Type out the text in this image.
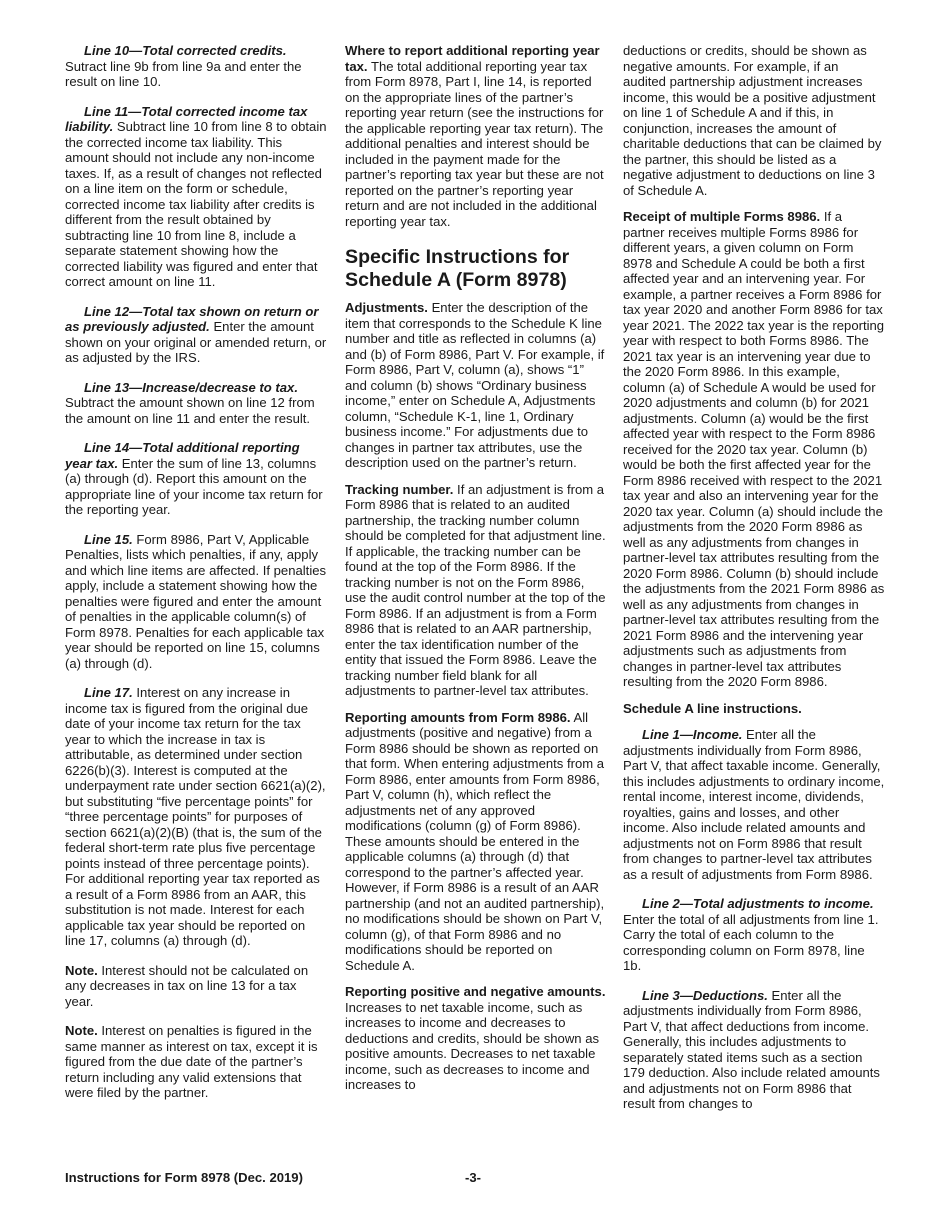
Line 10—Total corrected credits. Sutract line 9b from line 9a and enter the result on line 10.

Line 11—Total corrected income tax liability. Subtract line 10 from line 8 to obtain the corrected income tax liability. This amount should not include any non-income taxes. If, as a result of changes not reflected on a line item on the form or schedule, corrected income tax liability after credits is different from the result obtained by subtracting line 10 from line 8, include a separate statement showing how the corrected liability was figured and enter that correct amount on line 11.

Line 12—Total tax shown on return or as previously adjusted. Enter the amount shown on your original or amended return, or as adjusted by the IRS.

Line 13—Increase/decrease to tax. Subtract the amount shown on line 12 from the amount on line 11 and enter the result.

Line 14—Total additional reporting year tax. Enter the sum of line 13, columns (a) through (d). Report this amount on the appropriate line of your income tax return for the reporting year.

Line 15. Form 8986, Part V, Applicable Penalties, lists which penalties, if any, apply and which line items are affected. If penalties apply, include a statement showing how the penalties were figured and enter the amount of penalties in the applicable column(s) of Form 8978. Penalties for each applicable tax year should be reported on line 15, columns (a) through (d).

Line 17. Interest on any increase in income tax is figured from the original due date of your income tax return for the tax year to which the increase in tax is attributable, as determined under section 6226(b)(3). Interest is computed at the underpayment rate under section 6621(a)(2), but substituting “five percentage points” for “three percentage points” for purposes of section 6621(a)(2)(B) (that is, the sum of the federal short-term rate plus five percentage points instead of three percentage points). For additional reporting year tax reported as a result of a Form 8986 from an AAR, this substitution is not made. Interest for each applicable tax year should be reported on line 17, columns (a) through (d).

Note. Interest should not be calculated on any decreases in tax on line 13 for a tax year.

Note. Interest on penalties is figured in the same manner as interest on tax, except it is figured from the due date of the partner’s return including any valid extensions that were filed by the partner.

Where to report additional reporting year tax. The total additional reporting year tax from Form 8978, Part I, line 14, is reported on the appropriate lines of the partner’s reporting year return (see the instructions for the applicable reporting year tax return). The additional penalties and interest should be included in the payment made for the partner’s reporting tax year but these are not reported on the partner’s reporting year return and are not included in the additional reporting year tax.

Specific Instructions for Schedule A (Form 8978)

Adjustments. Enter the description of the item that corresponds to the Schedule K line number and title as reflected in columns (a) and (b) of Form 8986, Part V. For example, if Form 8986, Part V, column (a), shows “1” and column (b) shows “Ordinary business income,” enter on Schedule A, Adjustments column, “Schedule K-1, line 1, Ordinary business income.” For adjustments due to changes in partner tax attributes, use the description used on the partner’s return.

Tracking number. If an adjustment is from a Form 8986 that is related to an audited partnership, the tracking number column should be completed for that adjustment line. If applicable, the tracking number can be found at the top of the Form 8986. If the tracking number is not on the Form 8986, use the audit control number at the top of the Form 8986. If an adjustment is from a Form 8986 that is related to an AAR partnership, enter the tax identification number of the entity that issued the Form 8986. Leave the tracking number field blank for all adjustments to partner-level tax attributes.

Reporting amounts from Form 8986. All adjustments (positive and negative) from a Form 8986 should be shown as reported on that form. When entering adjustments from a Form 8986, enter amounts from Form 8986, Part V, column (h), which reflect the adjustments net of any approved modifications (column (g) of Form 8986). These amounts should be entered in the applicable columns (a) through (d) that correspond to the partner’s affected year. However, if Form 8986 is a result of an AAR partnership (and not an audited partnership), no modifications should be shown on Part V, column (g), of that Form 8986 and no modifications should be reported on Schedule A.

Reporting positive and negative amounts. Increases to net taxable income, such as increases to income and decreases to deductions and credits, should be shown as positive amounts. Decreases to net taxable income, such as decreases to income and increases to

deductions or credits, should be shown as negative amounts. For example, if an audited partnership adjustment increases income, this would be a positive adjustment on line 1 of Schedule A and if this, in conjunction, increases the amount of charitable deductions that can be claimed by the partner, this should be listed as a negative adjustment to deductions on line 3 of Schedule A.

Receipt of multiple Forms 8986. If a partner receives multiple Forms 8986 for different years, a given column on Form 8978 and Schedule A could be both a first affected year and an intervening year. For example, a partner receives a Form 8986 for tax year 2020 and another Form 8986 for tax year 2021. The 2022 tax year is the reporting year with respect to both Forms 8986. The 2021 tax year is an intervening year due to the 2020 Form 8986. In this example, column (a) of Schedule A would be used for 2020 adjustments and column (b) for 2021 adjustments. Column (a) would be the first affected year with respect to the Form 8986 received for the 2020 tax year. Column (b) would be both the first affected year for the Form 8986 received with respect to the 2021 tax year and also an intervening year for the 2020 tax year. Column (a) should include the adjustments from the 2020 Form 8986 as well as any adjustments from changes in partner-level tax attributes resulting from the 2020 Form 8986. Column (b) should include the adjustments from the 2021 Form 8986 as well as any adjustments from changes in partner-level tax attributes resulting from the 2021 Form 8986 and the intervening year adjustments such as adjustments from changes in partner-level tax attributes resulting from the 2020 Form 8986.

Schedule A line instructions.

Line 1—Income. Enter all the adjustments individually from Form 8986, Part V, that affect taxable income. Generally, this includes adjustments to ordinary income, rental income, interest income, dividends, royalties, gains and losses, and other income. Also include related amounts and adjustments not on Form 8986 that result from changes to partner-level tax attributes as a result of adjustments from Form 8986.

Line 2—Total adjustments to income. Enter the total of all adjustments from line 1. Carry the total of each column to the corresponding column on Form 8978, line 1b.

Line 3—Deductions. Enter all the adjustments individually from Form 8986, Part V, that affect deductions from income. Generally, this includes adjustments to separately stated items such as a section 179 deduction. Also include related amounts and adjustments not on Form 8986 that result from changes to

Instructions for Form 8978 (Dec. 2019)	-3-
